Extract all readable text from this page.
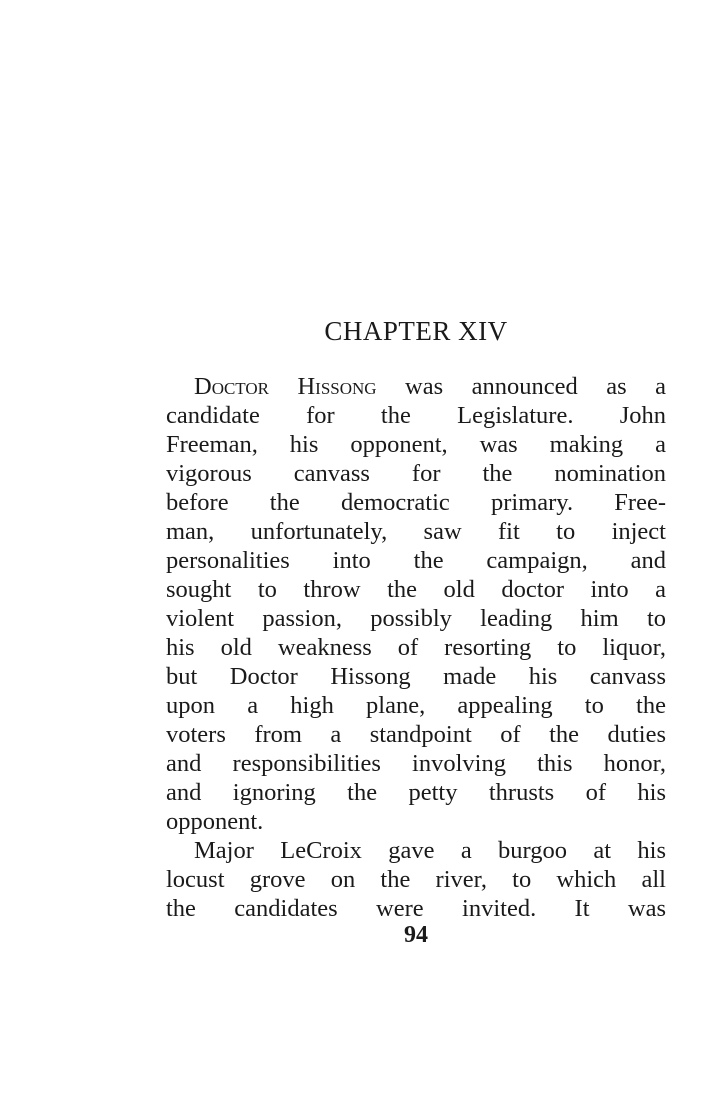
CHAPTER XIV
Doctor Hissong was announced as a
candidate for the Legislature. John
Freeman, his opponent, was making a
vigorous canvass for the nomination
before the democratic primary. Free-
man, unfortunately, saw fit to inject
personalities into the campaign, and
sought to throw the old doctor into a
violent passion, possibly leading him to
his old weakness of resorting to liquor,
but Doctor Hissong made his canvass
upon a high plane, appealing to the
voters from a standpoint of the duties
and responsibilities involving this honor,
and ignoring the petty thrusts of his
opponent.
Major LeCroix gave a burgoo at his
locust grove on the river, to which all
the candidates were invited. It was

94
